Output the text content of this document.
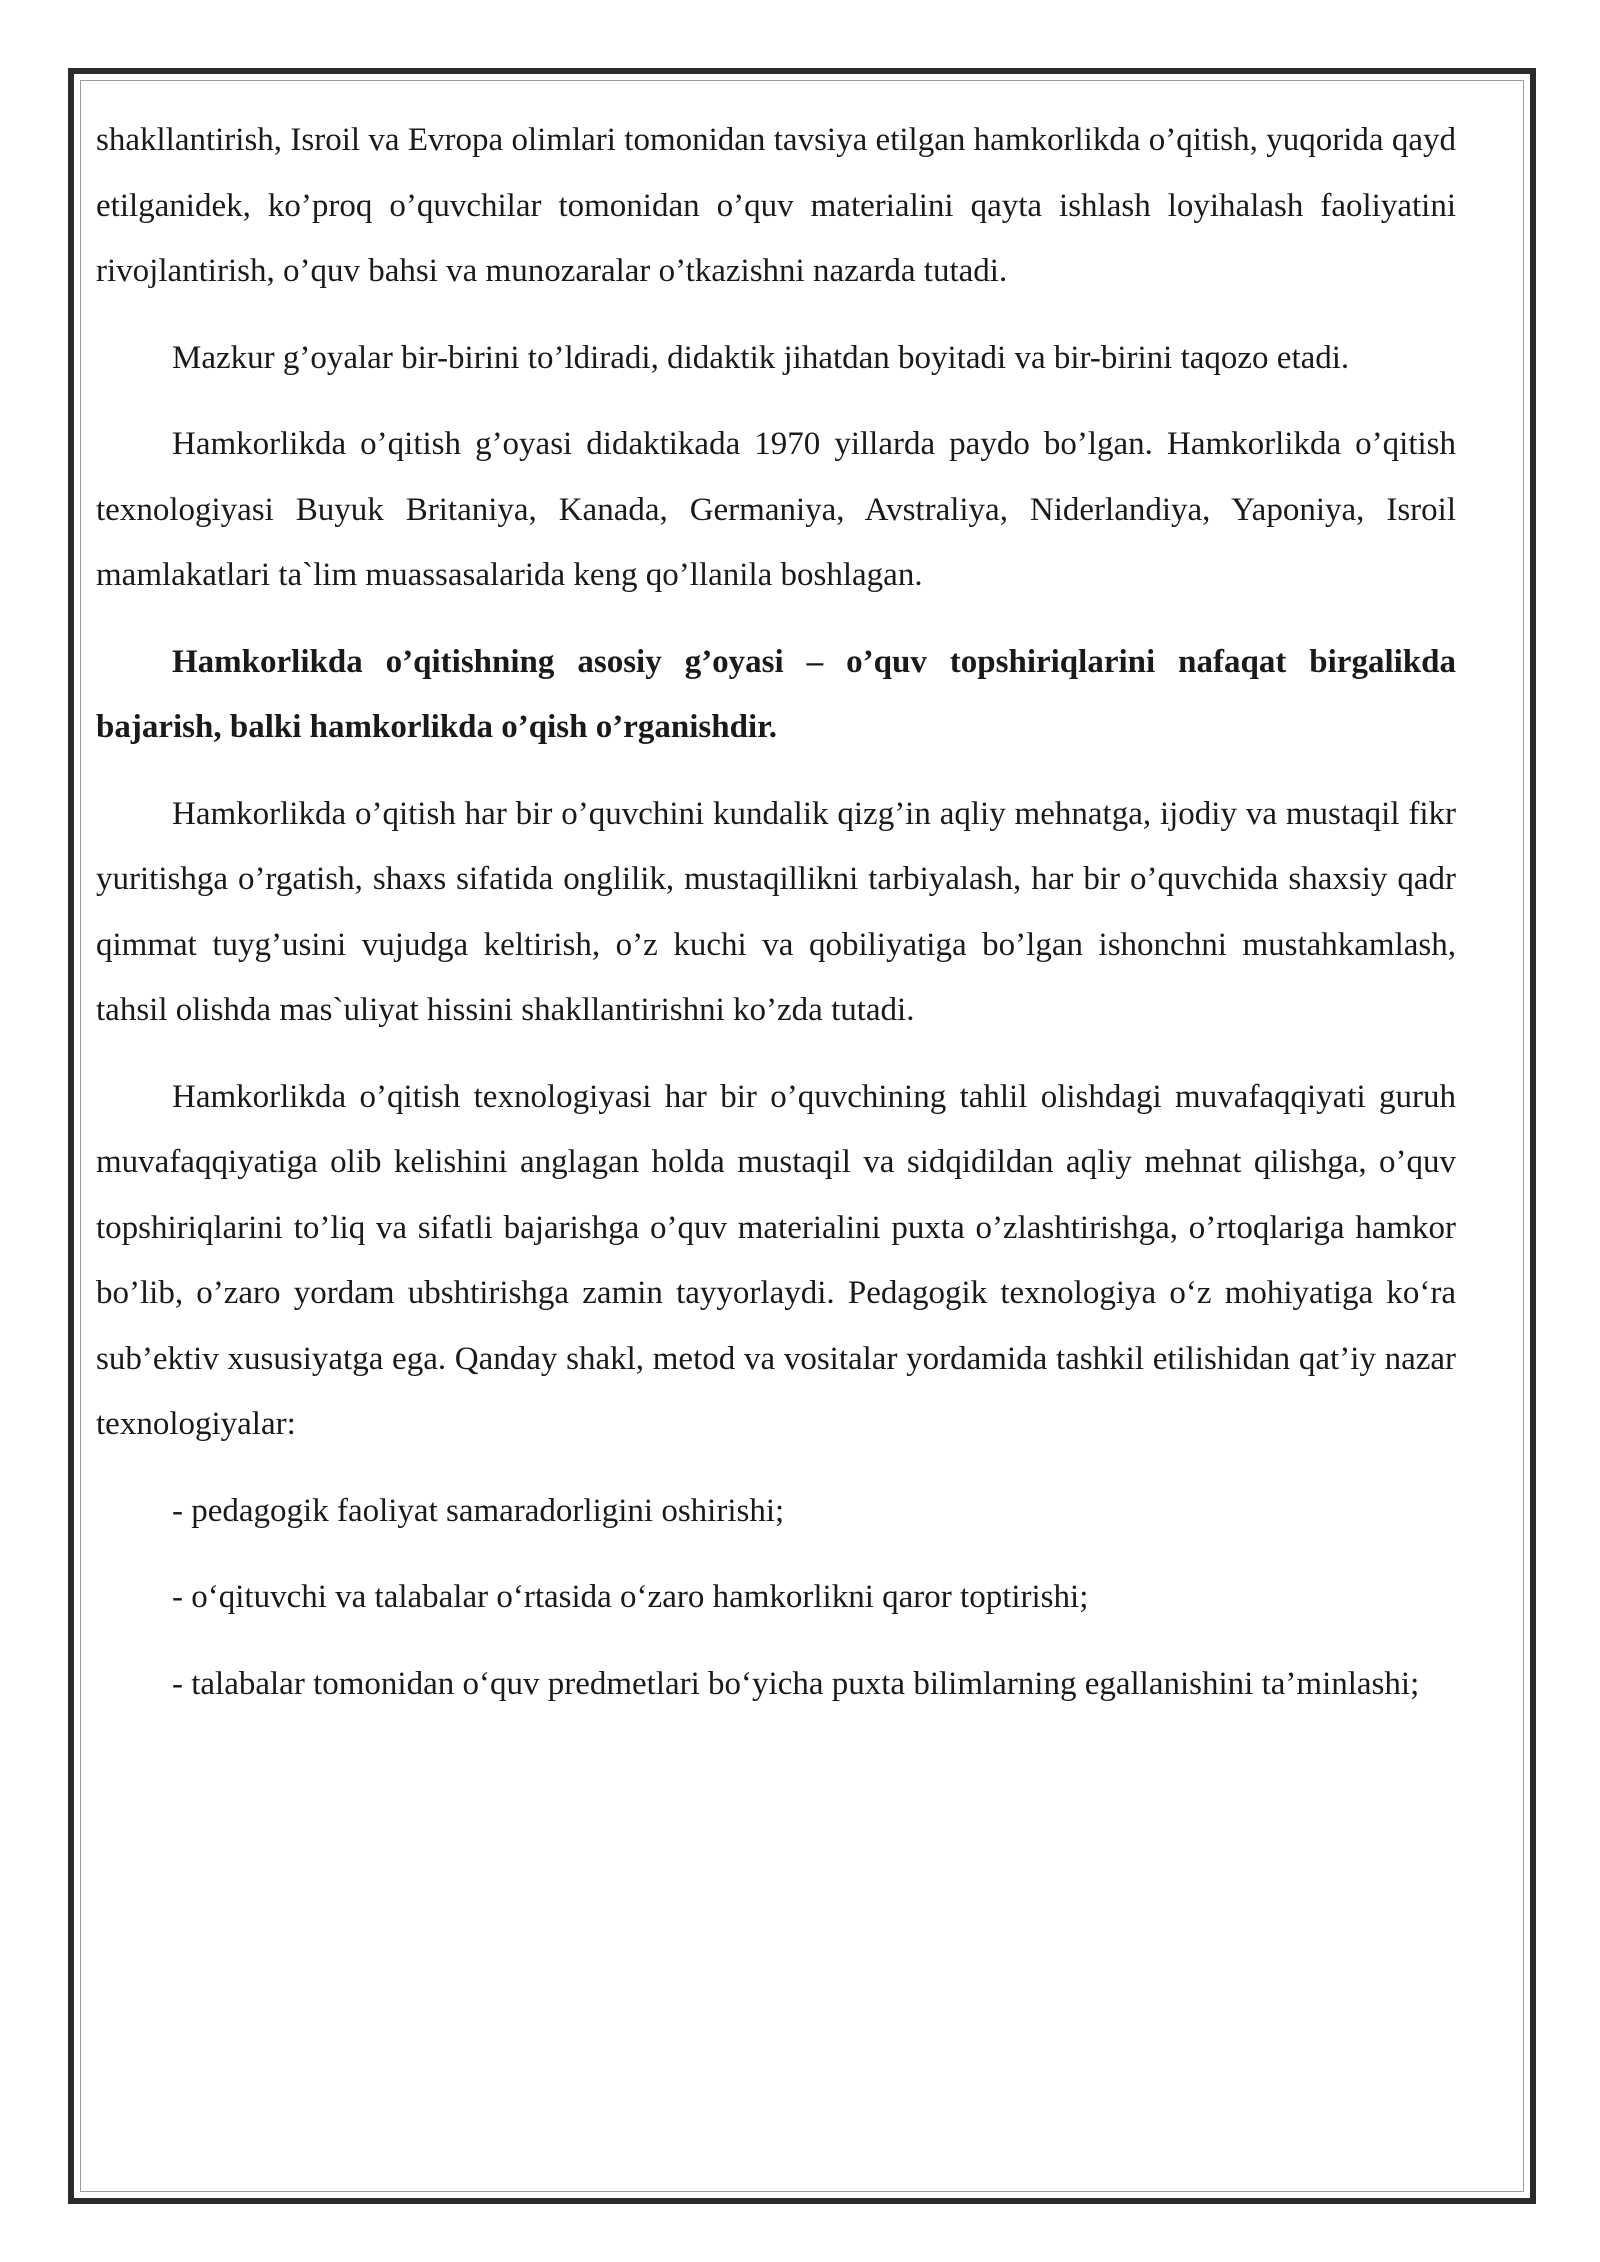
shakllantirish, Isroil va Evropa olimlari tomonidan tavsiya etilgan hamkorlikda o’qitish, yuqorida qayd etilganidek, ko’proq o’quvchilar tomonidan o’quv materialini qayta ishlash loyihalash faoliyatini rivojlantirish, o’quv bahsi va munozaralar o’tkazishni nazarda tutadi.

Mazkur g’oyalar bir-birini to’ldiradi, didaktik jihatdan boyitadi va bir-birini taqozo etadi.

Hamkorlikda o’qitish g’oyasi didaktikada 1970 yillarda paydo bo’lgan. Hamkorlikda o’qitish texnologiyasi Buyuk Britaniya, Kanada, Germaniya, Avstraliya, Niderlandiya, Yaponiya, Isroil mamlakatlari ta`lim muassasalarida keng qo’llanila boshlagan.

Hamkorlikda o’qitishning asosiy g’oyasi – o’quv topshiriqlarini nafaqat birgalikda bajarish, balki hamkorlikda o’qish o’rganishdir.

Hamkorlikda o’qitish har bir o’quvchini kundalik qizg’in aqliy mehnatga, ijodiy va mustaqil fikr yuritishga o’rgatish, shaxs sifatida onglilik, mustaqillikni tarbiyalash, har bir o’quvchida shaxsiy qadr qimmat tuyg’usini vujudga keltirish, o’z kuchi va qobiliyatiga bo’lgan ishonchni mustahkamlash, tahsil olishda mas`uliyat hissini shakllantirishni ko’zda tutadi.

Hamkorlikda o’qitish texnologiyasi har bir o’quvchining tahlil olishdagi muvafaqqiyati guruh muvafaqqiyatiga olib kelishini anglagan holda mustaqil va sidqidildan aqliy mehnat qilishga, o’quv topshiriqlarini to’liq va sifatli bajarishga o’quv materialini puxta o’zlashtirishga, o’rtoqlariga hamkor bo’lib, o’zaro yordam ubshtirishga zamin tayyorlaydi. Pedagogik texnologiya o‘z mohiyatiga ko‘ra sub’ektiv xususiyatga ega. Qanday shakl, metod va vositalar yordamida tashkil etilishidan qat’iy nazar texnologiyalar:

- pedagogik faoliyat samaradorligini oshirishi;

- o‘qituvchi va talabalar o‘rtasida o‘zaro hamkorlikni qaror toptirishi;

- talabalar tomonidan o‘quv predmetlari bo‘yicha puxta bilimlarning egallanishini ta’minlashi;
